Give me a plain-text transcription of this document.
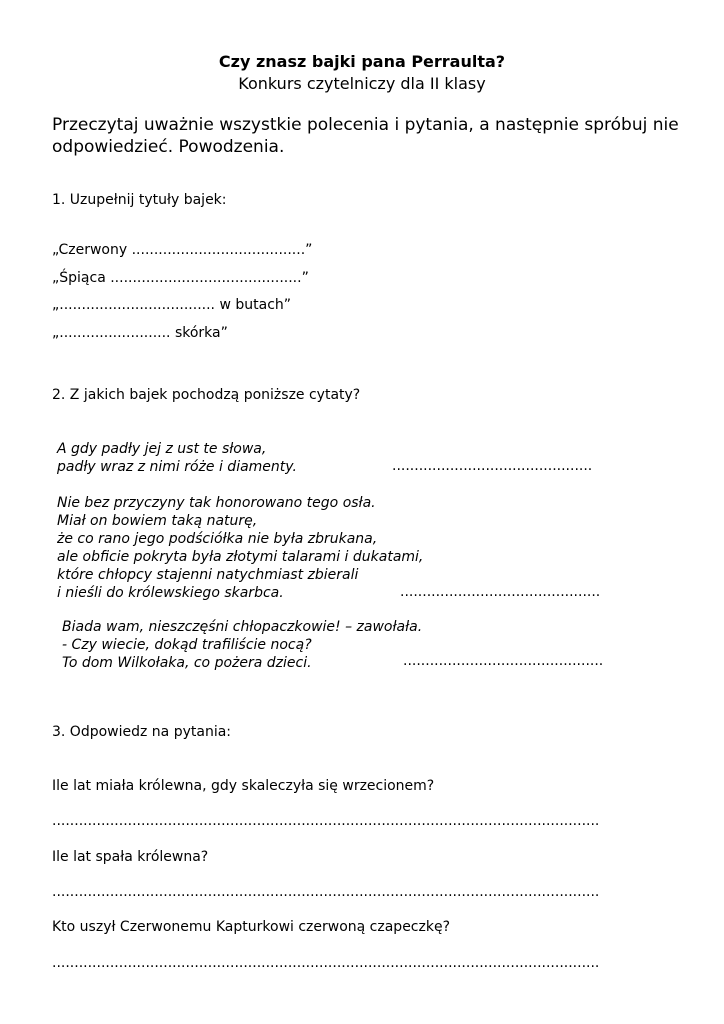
Czy znasz bajki pana Perraulta?
Konkurs czytelniczy dla II klasy
Przeczytaj uważnie wszystkie polecenia i pytania, a następnie spróbuj nie odpowiedzieć. Powodzenia.
1. Uzupełnij tytuły bajek:
„Czerwony .......................................”
„Śpiąca ...........................................”
„................................... w butach”
„......................... skórka”
2. Z jakich bajek pochodzą poniższe cytaty?
A gdy padły jej z ust te słowa,
padły wraz z nimi róże i diamenty.	.............................................
Nie bez przyczyny tak honorowano tego osła.
Miał on bowiem taką naturę,
że co rano jego podściółka nie była zbrukana,
ale obficie pokryta była złotymi talarami i dukatami,
które chłopcy stajenni natychmiast zbierali
i nieśli do królewskiego skarbca.	.............................................
Biada wam, nieszczęśni chłopaczkowie! – zawołała.
- Czy wiecie, dokąd trafiliście nocą?
To dom Wilkołaka, co pożera dzieci.	.............................................
3. Odpowiedz na pytania:
Ile lat miała królewna, gdy skaleczyła się wrzecionem?
...........................................................................................................................
Ile lat spała królewna?
...........................................................................................................................
Kto uszył Czerwonemu Kapturkowi czerwoną czapeczkę?
...........................................................................................................................
